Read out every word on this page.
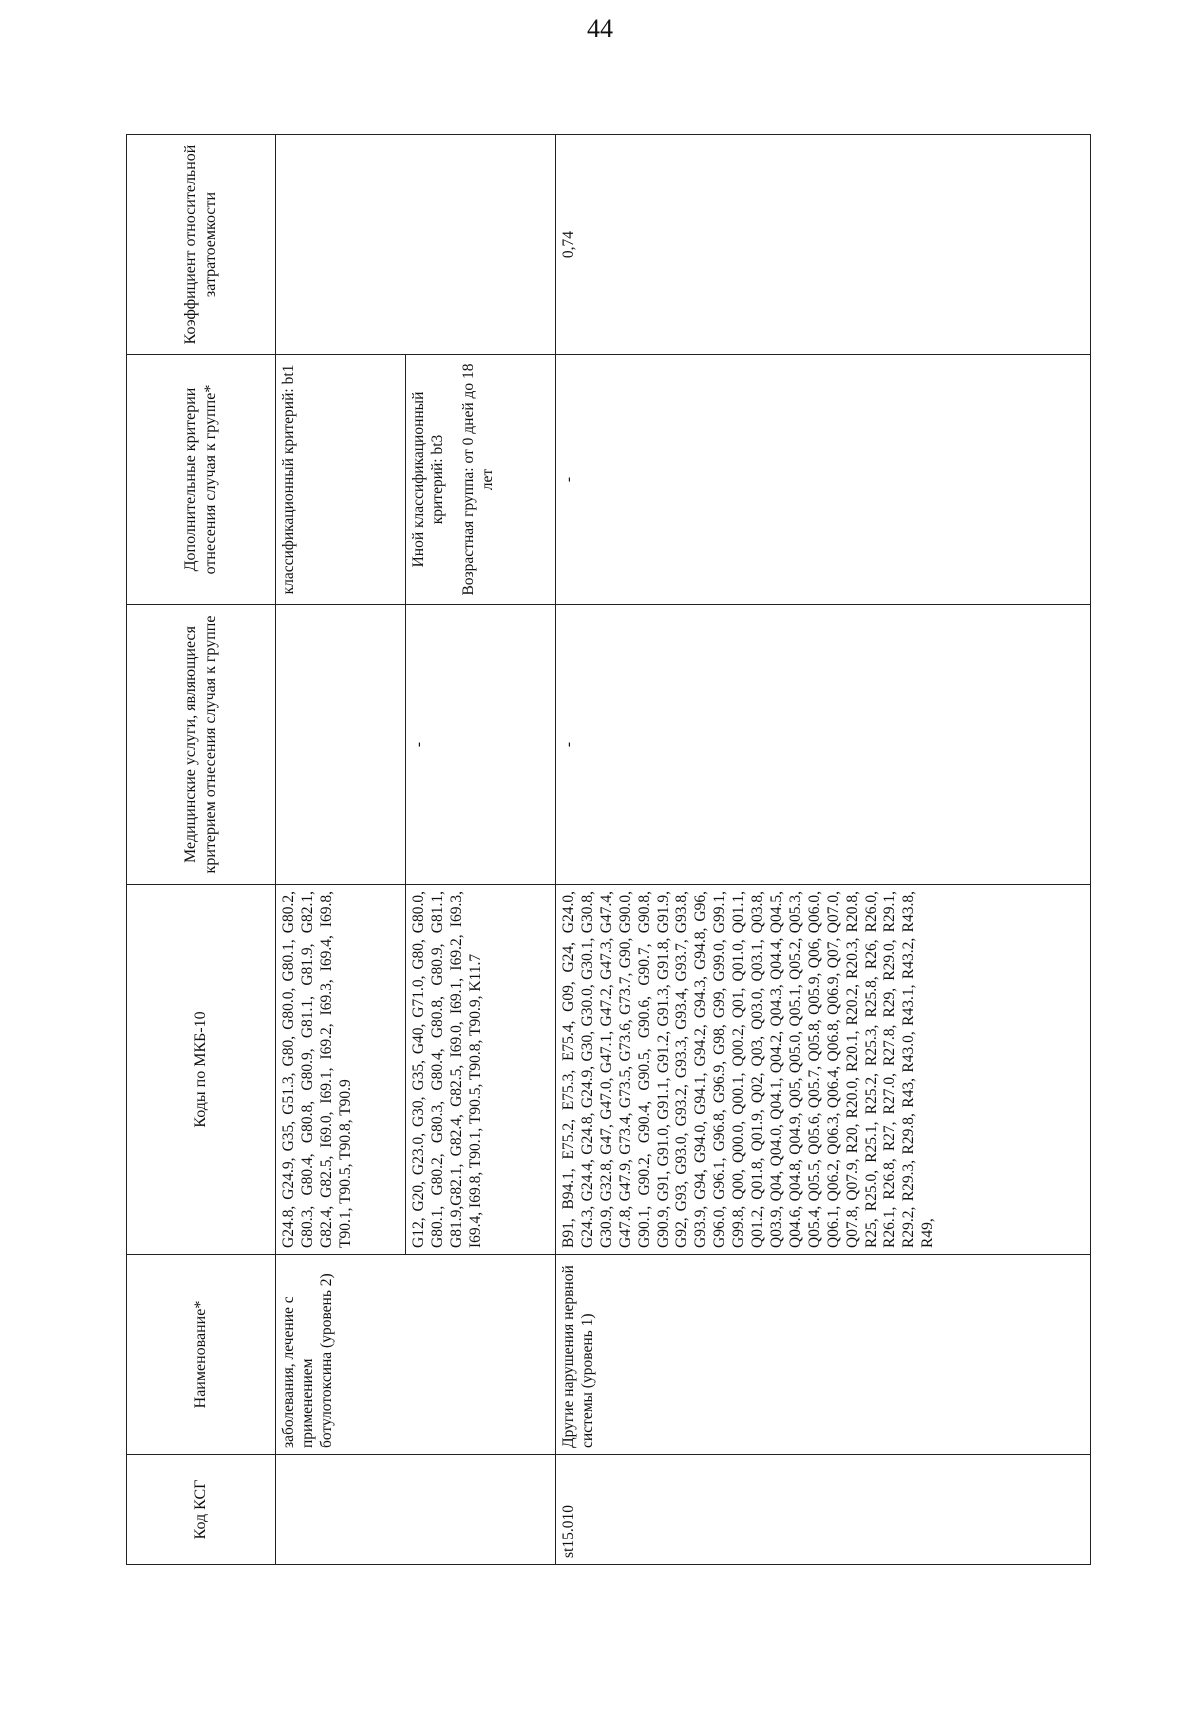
44
Код КСГ	Наименование*	Коды по МКБ-10	Медицинские услуги, являющиеся критерием отнесения случая к группе	Дополнительные критерии отнесения случая к группе*	Коэффициент относительной затратоемкости
	заболевания, лечение с применением ботулотоксина (уровень 2)	G24.8, G24.9, G35, G51.3, G80, G80.0, G80.1, G80.2, G80.3, G80.4, G80.8, G80.9, G81.1, G81.9, G82.1, G82.4, G82.5, I69.0, I69.1, I69.2, I69.3, I69.4, I69.8, T90.1, T90.5, T90.8, T90.9		классификационный критерий: bt1	
		G12, G20, G23.0, G30, G35, G40, G71.0, G80, G80.0, G80.1, G80.2, G80.3, G80.4, G80.8, G80.9, G81.1, G81.9,G82.1, G82.4, G82.5, I69.0, I69.1, I69.2, I69.3, I69.4, I69.8, T90.1, T90.5, T90.8, T90.9, K11.7	-	Иной классификационный критерий: bt3 Возрастная группа: от 0 дней до 18 лет	

st15.010	Другие нарушения нервной системы (уровень 1)	B91, B94.1, E75.2, E75.3, E75.4, G09, G24, G24.0, G24.3, G24.4, G24.8, G24.9, G30, G30.0, G30.1, G30.8, G30.9, G32.8, G47, G47.0, G47.1, G47.2, G47.3, G47.4, G47.8, G47.9, G73.4, G73.5, G73.6, G73.7, G90, G90.0, G90.1, G90.2, G90.4, G90.5, G90.6, G90.7, G90.8, G90.9, G91, G91.0, G91.1, G91.2, G91.3, G91.8, G91.9, G92, G93, G93.0, G93.2, G93.3, G93.4, G93.7, G93.8, G93.9, G94, G94.0, G94.1, G94.2, G94.3, G94.8, G96, G96.0, G96.1, G96.8, G96.9, G98, G99, G99.0, G99.1, G99.8, Q00, Q00.0, Q00.1, Q00.2, Q01, Q01.0, Q01.1, Q01.2, Q01.8, Q01.9, Q02, Q03, Q03.0, Q03.1, Q03.8, Q03.9, Q04, Q04.0, Q04.1, Q04.2, Q04.3, Q04.4, Q04.5, Q04.6, Q04.8, Q04.9, Q05, Q05.0, Q05.1, Q05.2, Q05.3, Q05.4, Q05.5, Q05.6, Q05.7, Q05.8, Q05.9, Q06, Q06.0, Q06.1, Q06.2, Q06.3, Q06.4, Q06.8, Q06.9, Q07, Q07.0, Q07.8, Q07.9, R20, R20.0, R20.1, R20.2, R20.3, R20.8, R25, R25.0, R25.1, R25.2, R25.3, R25.8, R26, R26.0, R26.1, R26.8, R27, R27.0, R27.8, R29, R29.0, R29.1, R29.2, R29.3, R29.8, R43, R43.0, R43.1, R43.2, R43.8, R49,	-	-	0,74
